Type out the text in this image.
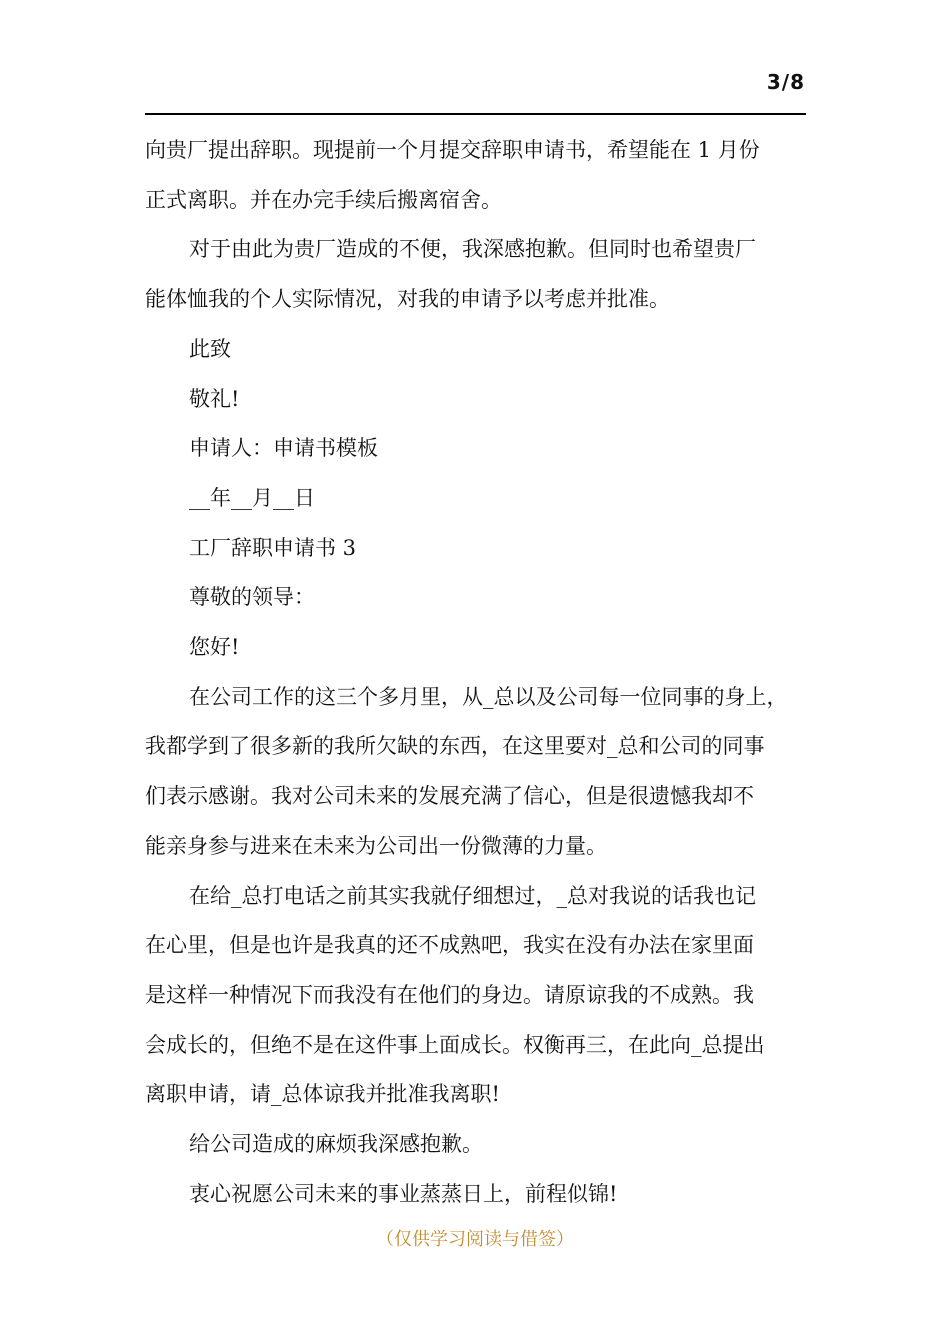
3/8

向贵厂提出辞职。现提前一个月提交辞职申请书，希望能在 1 月份

正式离职。并在办完手续后搬离宿舍。

对于由此为贵厂造成的不便，我深感抱歉。但同时也希望贵厂

能体恤我的个人实际情况，对我的申请予以考虑并批准。

此致

敬礼!

申请人：申请书模板

__年__月__日

工厂辞职申请书 3

尊敬的领导：

您好!

在公司工作的这三个多月里，从_总以及公司每一位同事的身上，

我都学到了很多新的我所欠缺的东西，在这里要对_总和公司的同事

们表示感谢。我对公司未来的发展充满了信心，但是很遗憾我却不

能亲身参与进来在未来为公司出一份微薄的力量。

在给_总打电话之前其实我就仔细想过，_总对我说的话我也记

在心里，但是也许是我真的还不成熟吧，我实在没有办法在家里面

是这样一种情况下而我没有在他们的身边。请原谅我的不成熟。我

会成长的，但绝不是在这件事上面成长。权衡再三，在此向_总提出

离职申请，请_总体谅我并批准我离职!

给公司造成的麻烦我深感抱歉。

衷心祝愿公司未来的事业蒸蒸日上，前程似锦!

（仅供学习阅读与借签）
